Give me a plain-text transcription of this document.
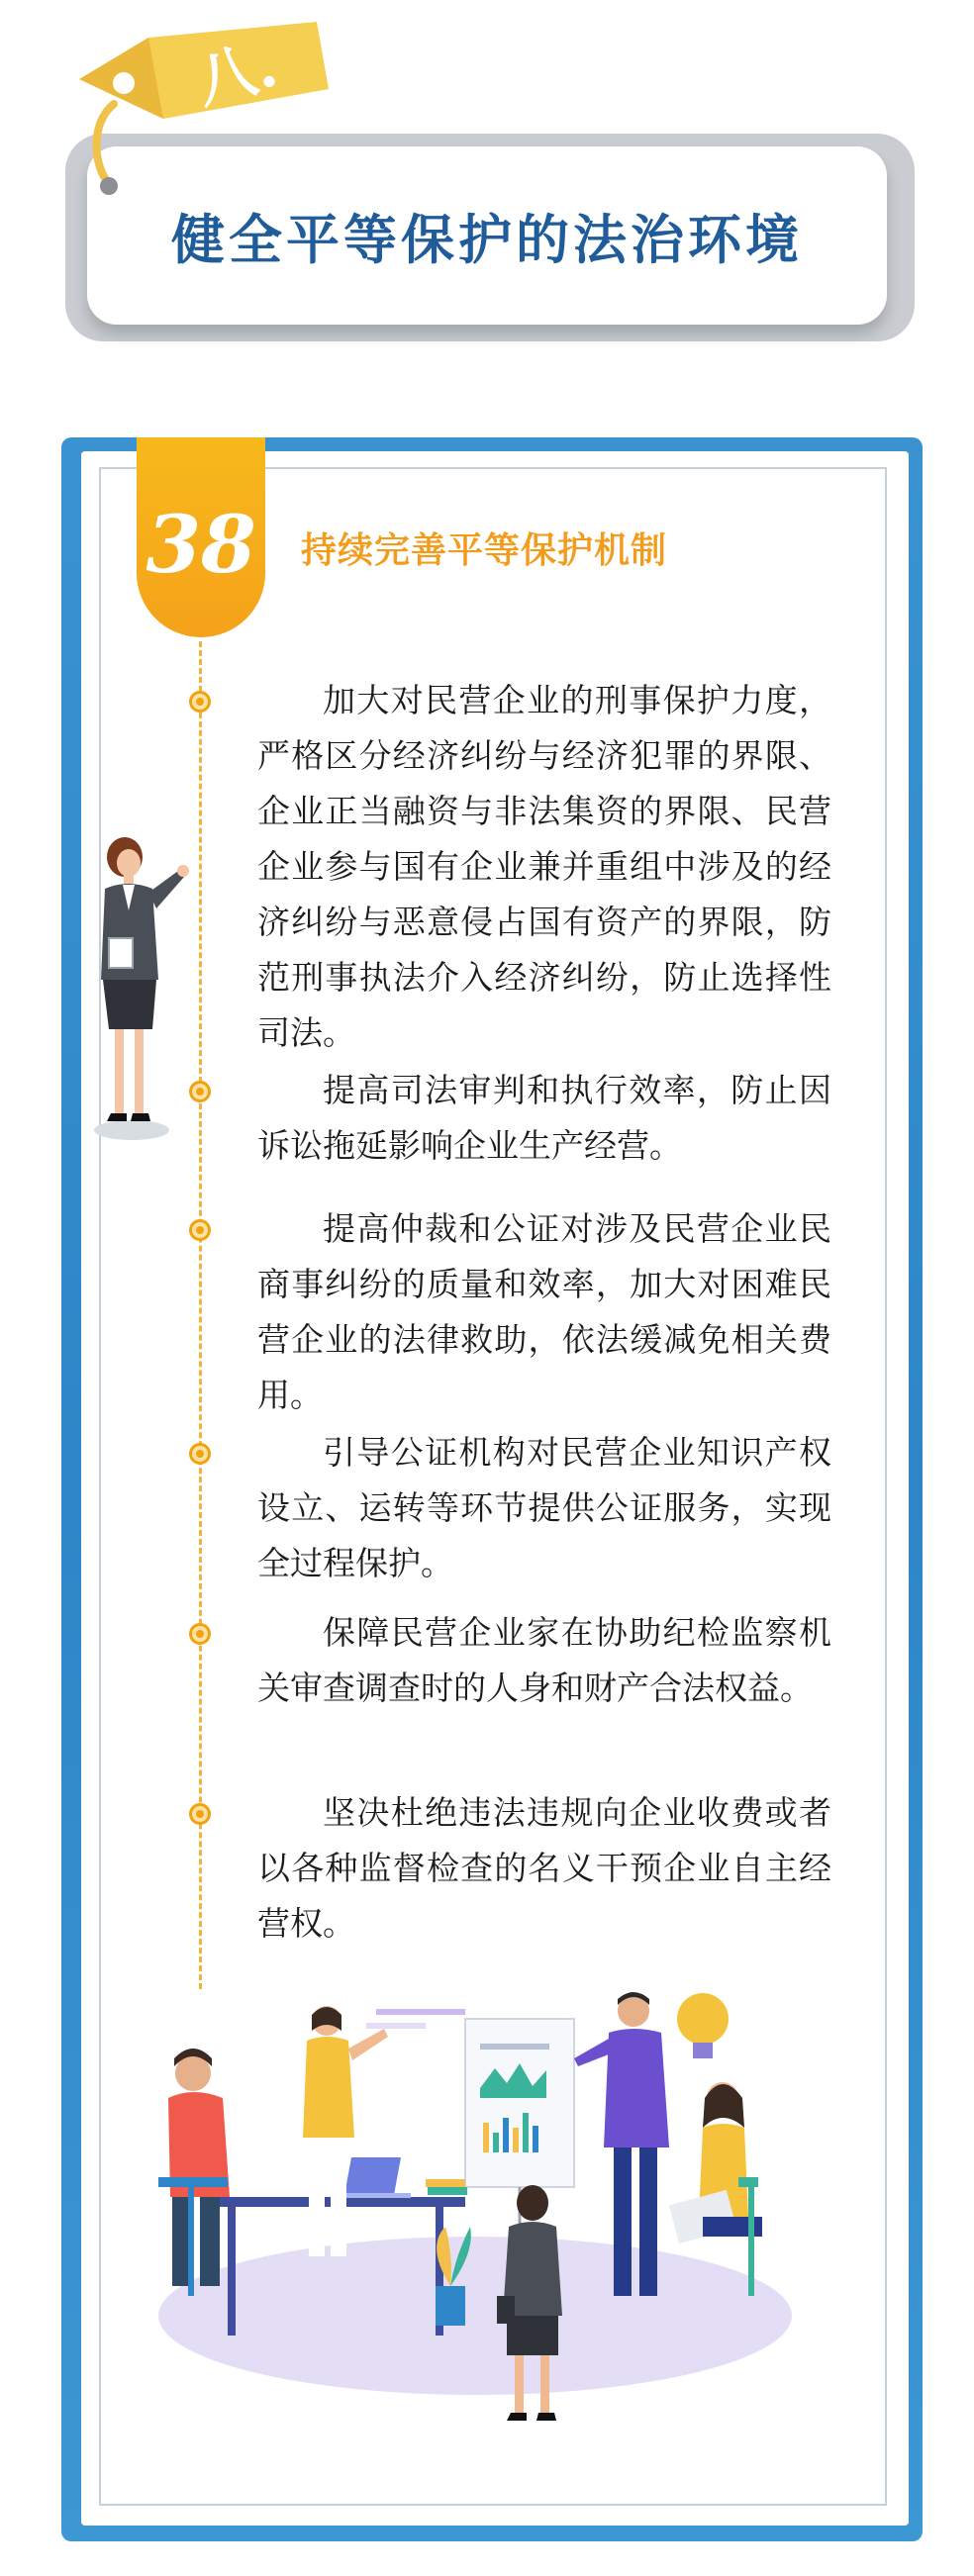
健全平等保护的法治环境
八.
38 持续完善平等保护机制
加大对民营企业的刑事保护力度，严格区分经济纠纷与经济犯罪的界限、企业正当融资与非法集资的界限、民营企业参与国有企业兼并重组中涉及的经济纠纷与恶意侵占国有资产的界限，防范刑事执法介入经济纠纷，防止选择性司法。
提高司法审判和执行效率，防止因诉讼拖延影响企业生产经营。
提高仲裁和公证对涉及民营企业民商事纠纷的质量和效率，加大对困难民营企业的法律救助，依法缓减免相关费用。
引导公证机构对民营企业知识产权设立、运转等环节提供公证服务，实现全过程保护。
保障民营企业家在协助纪检监察机关审查调查时的人身和财产合法权益。
坚决杜绝违法违规向企业收费或者以各种监督检查的名义干预企业自主经营权。
